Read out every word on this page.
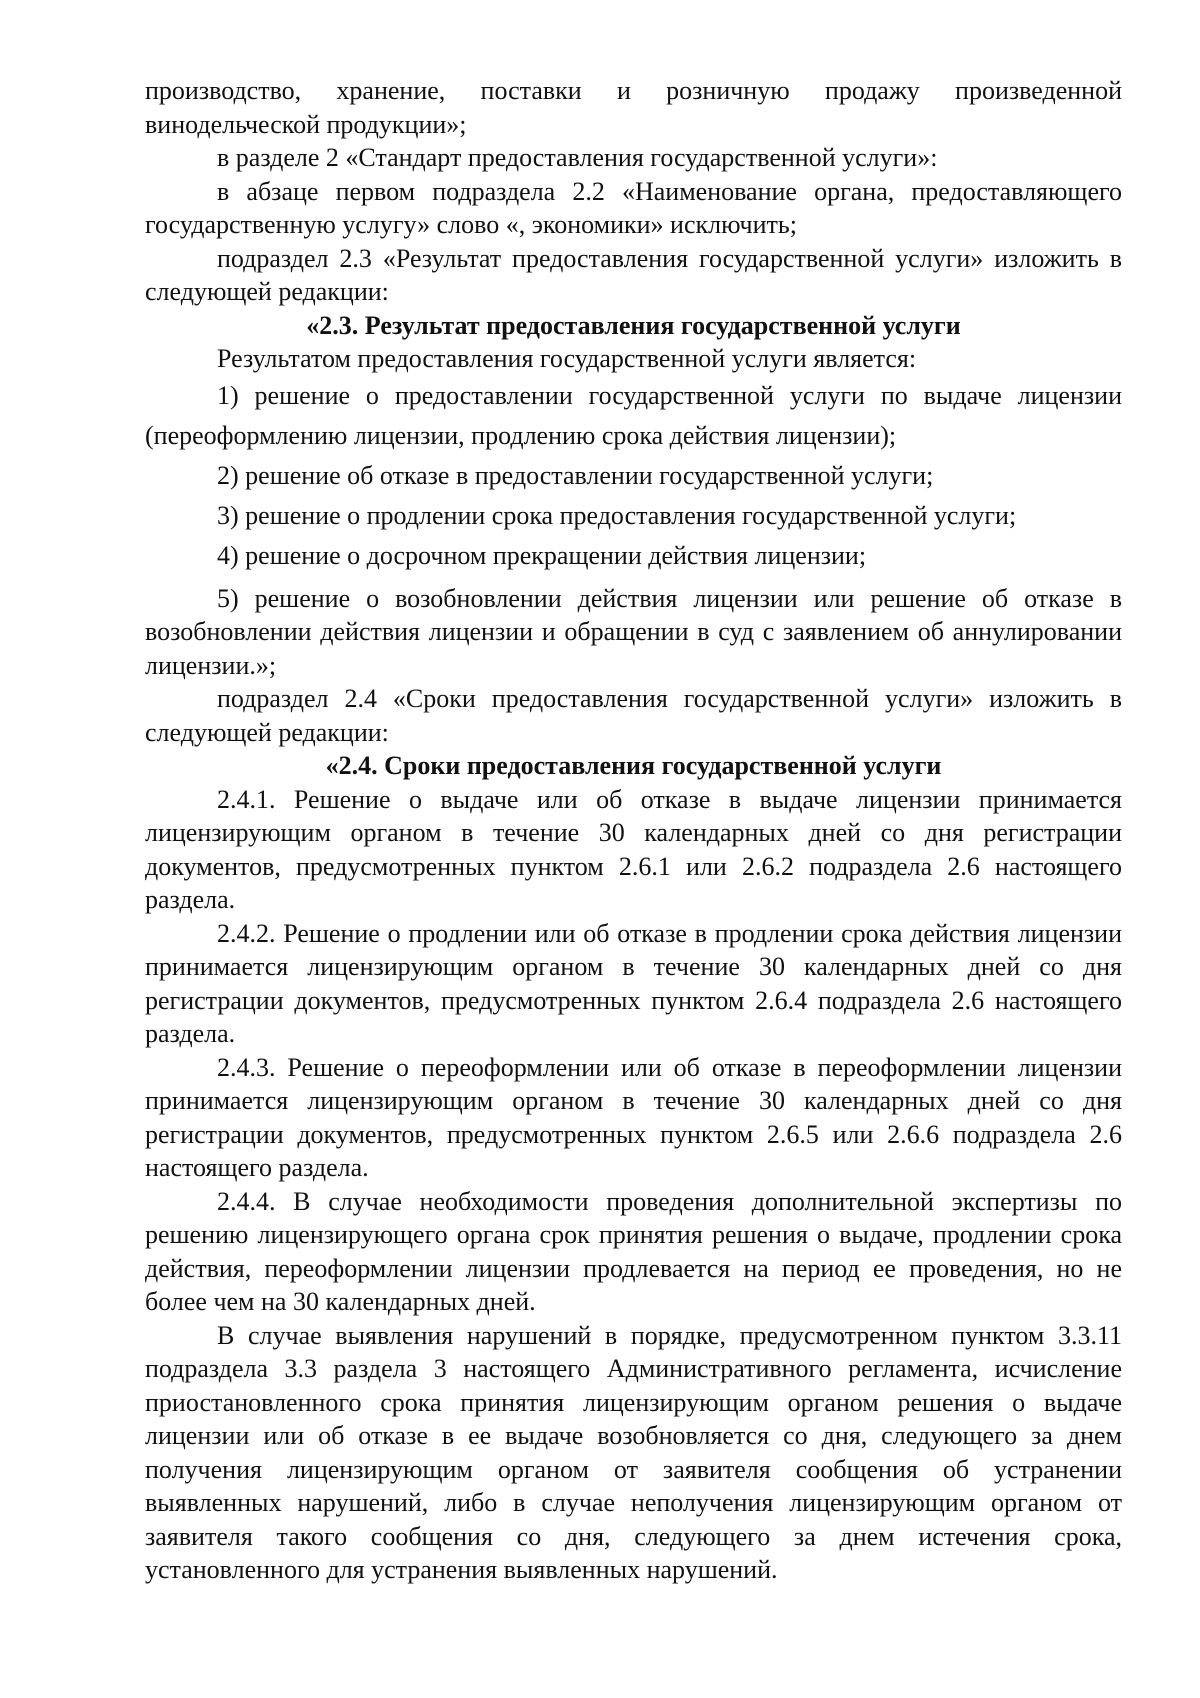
производство, хранение, поставки и розничную продажу произведенной винодельческой продукции»;

в разделе 2 «Стандарт предоставления государственной услуги»:

в абзаце первом подраздела 2.2 «Наименование органа, предоставляющего государственную услугу» слово «, экономики» исключить;

подраздел 2.3 «Результат предоставления государственной услуги» изложить в следующей редакции:

«2.3. Результат предоставления государственной услуги

Результатом предоставления государственной услуги является:

1) решение о предоставлении государственной услуги по выдаче лицензии (переоформлению лицензии, продлению срока действия лицензии);

2) решение об отказе в предоставлении государственной услуги;

3) решение о продлении срока предоставления государственной услуги;

4) решение о досрочном прекращении действия лицензии;

5) решение о возобновлении действия лицензии или решение об отказе в возобновлении действия лицензии и обращении в суд с заявлением об аннулировании лицензии.»;

подраздел 2.4 «Сроки предоставления государственной услуги» изложить в следующей редакции:

«2.4. Сроки предоставления государственной услуги

2.4.1. Решение о выдаче или об отказе в выдаче лицензии принимается лицензирующим органом в течение 30 календарных дней со дня регистрации документов, предусмотренных пунктом 2.6.1 или 2.6.2 подраздела 2.6 настоящего раздела.

2.4.2. Решение о продлении или об отказе в продлении срока действия лицензии принимается лицензирующим органом в течение 30 календарных дней со дня регистрации документов, предусмотренных пунктом 2.6.4 подраздела 2.6 настоящего раздела.

2.4.3. Решение о переоформлении или об отказе в переоформлении лицензии принимается лицензирующим органом в течение 30 календарных дней со дня регистрации документов, предусмотренных пунктом 2.6.5 или 2.6.6 подраздела 2.6 настоящего раздела.

2.4.4. В случае необходимости проведения дополнительной экспертизы по решению лицензирующего органа срок принятия решения о выдаче, продлении срока действия, переоформлении лицензии продлевается на период ее проведения, но не более чем на 30 календарных дней.

В случае выявления нарушений в порядке, предусмотренном пунктом 3.3.11 подраздела 3.3 раздела 3 настоящего Административного регламента, исчисление приостановленного срока принятия лицензирующим органом решения о выдаче лицензии или об отказе в ее выдаче возобновляется со дня, следующего за днем получения лицензирующим органом от заявителя сообщения об устранении выявленных нарушений, либо в случае неполучения лицензирующим органом от заявителя такого сообщения со дня, следующего за днем истечения срока, установленного для устранения выявленных нарушений.
